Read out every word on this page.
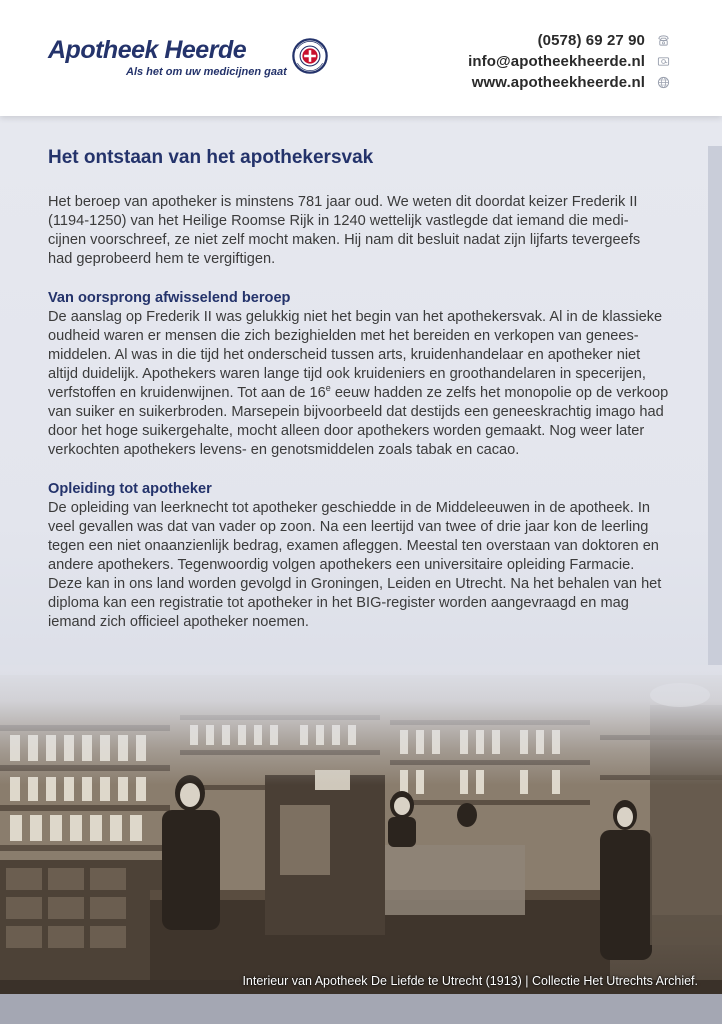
Apotheek Heerde
Als het om uw medicijnen gaat
(0578) 69 27 90
info@apotheekheerde.nl
www.apotheekheerde.nl
Interieur van Apotheek De Liefde te Utrecht (1913) | Collectie Het Utrechts Archief.
Het ontstaan van het apothekersvak
Het beroep van apotheker is minstens 781 jaar oud. We weten dit doordat keizer Frederik II
(1194-1250) van het Heilige Roomse Rijk in 1240 wettelijk vastlegde dat iemand die medi-
cijnen voorschreef, ze niet zelf mocht maken. Hij nam dit besluit nadat zijn lijfarts tevergeefs
had geprobeerd hem te vergiftigen.
Van oorsprong afwisselend beroep
De aanslag op Frederik II was gelukkig niet het begin van het apothekersvak. Al in de klassieke
oudheid waren er mensen die zich bezighielden met het bereiden en verkopen van genees-
middelen. Al was in die tijd het onderscheid tussen arts, kruidenhandelaar en apotheker niet
altijd duidelijk. Apothekers waren lange tijd ook kruideniers en groothandelaren in specerijen,
verfstoffen en kruidenwijnen. Tot aan de 16e eeuw hadden ze zelfs het monopolie op de verkoop
van suiker en suikerbroden. Marsepein bijvoorbeeld dat destijds een geneeskrachtig imago had
door het hoge suikergehalte, mocht alleen door apothekers worden gemaakt. Nog weer later
verkochten apothekers levens- en genotsmiddelen zoals tabak en cacao.
Opleiding tot apotheker
De opleiding van leerknecht tot apotheker geschiedde in de Middeleeuwen in de apotheek. In
veel gevallen was dat van vader op zoon. Na een leertijd van twee of drie jaar kon de leerling
tegen een niet onaanzienlijk bedrag, examen afleggen. Meestal ten overstaan van doktoren en
andere apothekers. Tegenwoordig volgen apothekers een universitaire opleiding Farmacie.
Deze kan in ons land worden gevolgd in Groningen, Leiden en Utrecht. Na het behalen van het
diploma kan een registratie tot apotheker in het BIG-register worden aangevraagd en mag
iemand zich officieel apotheker noemen.
